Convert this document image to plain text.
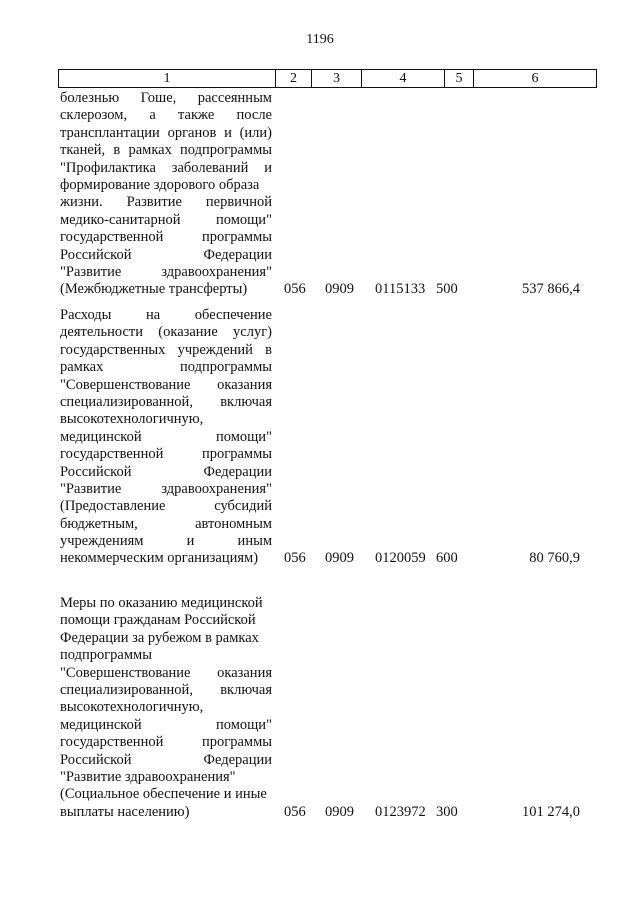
1196
1	2	3	4	5	6
болезнью Гоше, рассеянным
склерозом, а также после
трансплантации органов и (или)
тканей, в рамках подпрограммы
"Профилактика заболеваний и
формирование здорового образа
жизни. Развитие первичной
медико-санитарной помощи"
государственной программы
Российской Федерации
"Развитие здравоохранения"
(Межбюджетные трансферты)	056 0909 0115133 500	537 866,4
Расходы на обеспечение
деятельности (оказание услуг)
государственных учреждений в
рамках подпрограммы
"Совершенствование оказания
специализированной, включая
высокотехнологичную,
медицинской помощи"
государственной программы
Российской Федерации
"Развитие здравоохранения"
(Предоставление субсидий
бюджетным, автономным
учреждениям и иным
некоммерческим организациям)	056 0909 0120059 600	80 760,9
Меры по оказанию медицинской
помощи гражданам Российской
Федерации за рубежом в рамках
подпрограммы
"Совершенствование оказания
специализированной, включая
высокотехнологичную,
медицинской помощи"
государственной программы
Российской Федерации
"Развитие здравоохранения"
(Социальное обеспечение и иные
выплаты населению)	056 0909 0123972 300	101 274,0
